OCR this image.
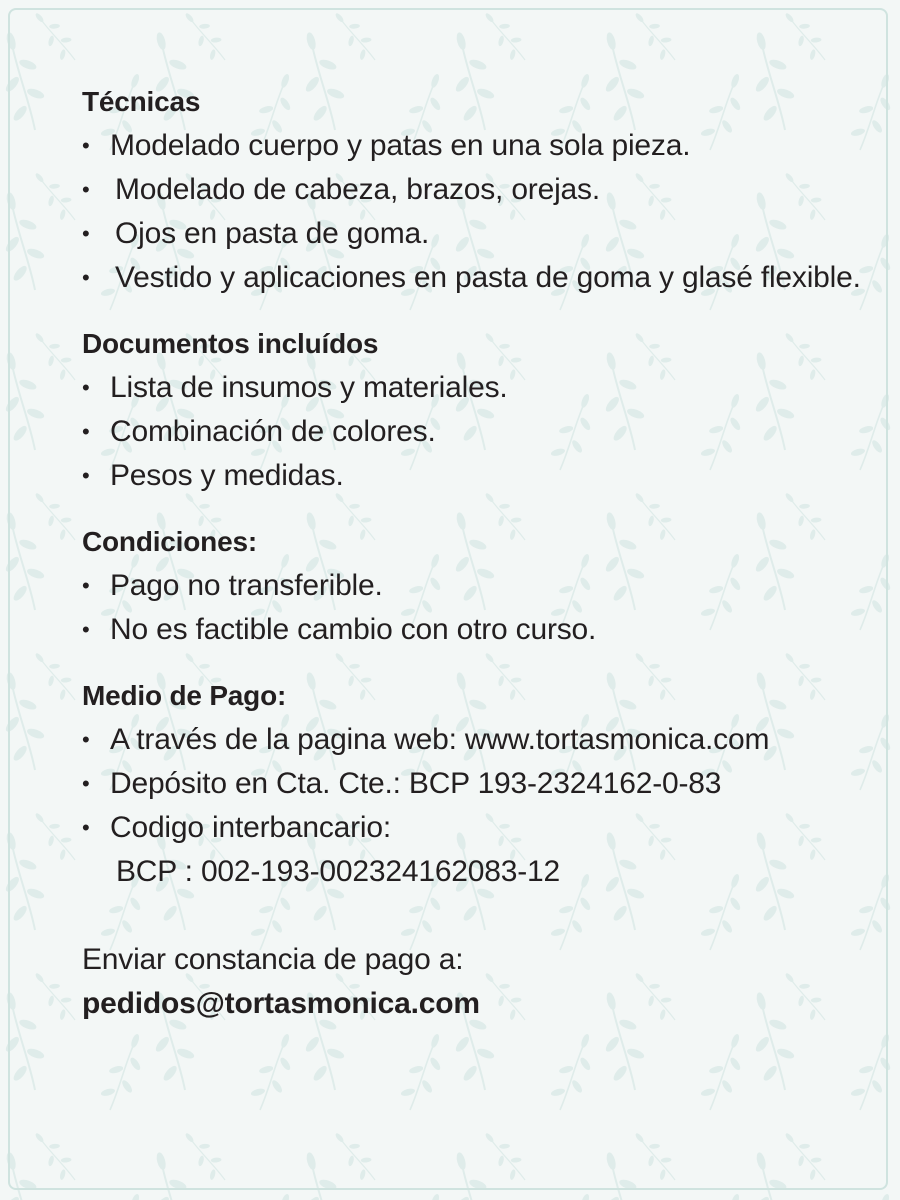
Técnicas
• Modelado cuerpo y patas en una sola pieza.
• Modelado de cabeza, brazos, orejas.
• Ojos en pasta de goma.
• Vestido y aplicaciones en pasta de goma y glasé flexible.
Documentos incluídos
• Lista de insumos y materiales.
• Combinación de colores.
• Pesos y medidas.
Condiciones:
• Pago no transferible.
• No es factible cambio con otro curso.
Medio de Pago:
• A través de la pagina web: www.tortasmonica.com
• Depósito en Cta. Cte.: BCP 193-2324162-0-83
• Codigo interbancario:
BCP : 002-193-002324162083-12

Enviar constancia de pago a:

pedidos@tortasmonica.com
